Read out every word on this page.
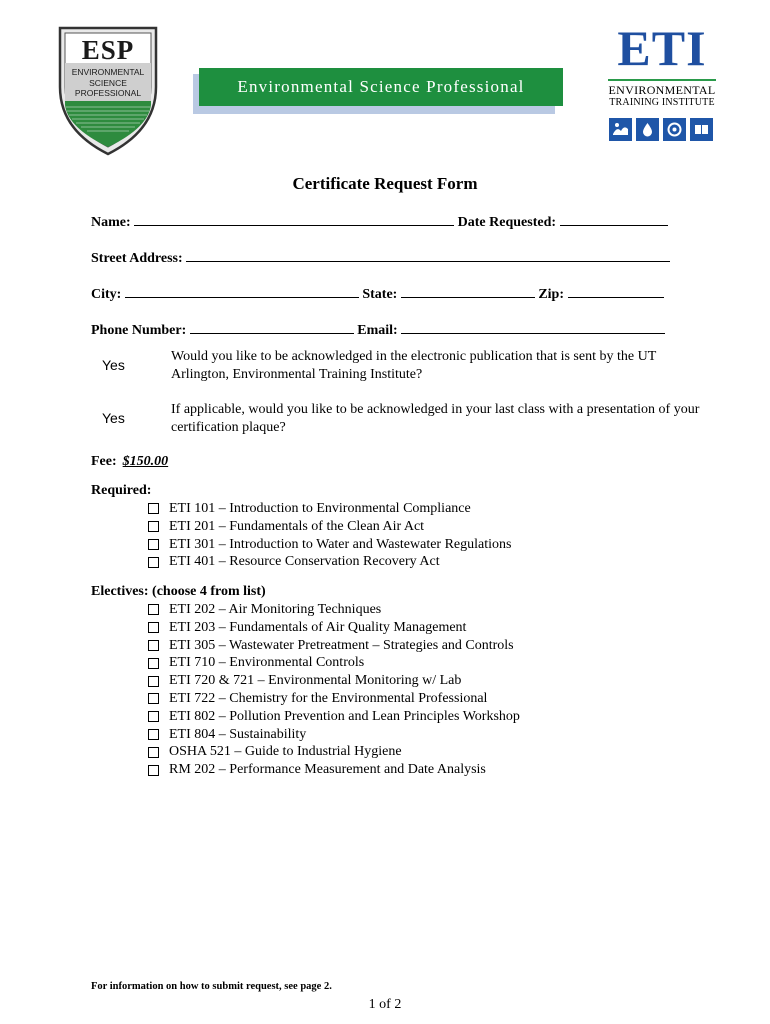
ESP
ENVIRONMENTAL
SCIENCE
PROFESSIONAL	Environmental Science Professional
ETI
ENVIRONMENTAL
TRAINING INSTITUTE
Certificate Request Form
Name:	Date Requested:
Street Address:
City:	State:	Zip:
Phone Number:	Email:
Yes
Would you like to be acknowledged in the electronic publication that is sent by the UT Arlington, Environmental Training Institute?
Yes
If applicable, would you like to be acknowledged in your last class with a presentation of your certification plaque?
Fee: $150.00
Required:
ETI 101 – Introduction to Environmental Compliance
ETI 201 – Fundamentals of the Clean Air Act
ETI 301 – Introduction to Water and Wastewater Regulations
ETI 401 – Resource Conservation Recovery Act
Electives: (choose 4 from list)
ETI 202 – Air Monitoring Techniques
ETI 203 – Fundamentals of Air Quality Management
ETI 305 – Wastewater Pretreatment – Strategies and Controls
ETI 710 – Environmental Controls
ETI 720 & 721 – Environmental Monitoring w/ Lab
ETI 722 – Chemistry for the Environmental Professional
ETI 802 – Pollution Prevention and Lean Principles Workshop
ETI 804 – Sustainability
OSHA 521 – Guide to Industrial Hygiene
RM 202 – Performance Measurement and Date Analysis
For information on how to submit request, see page 2.
1 of 2
